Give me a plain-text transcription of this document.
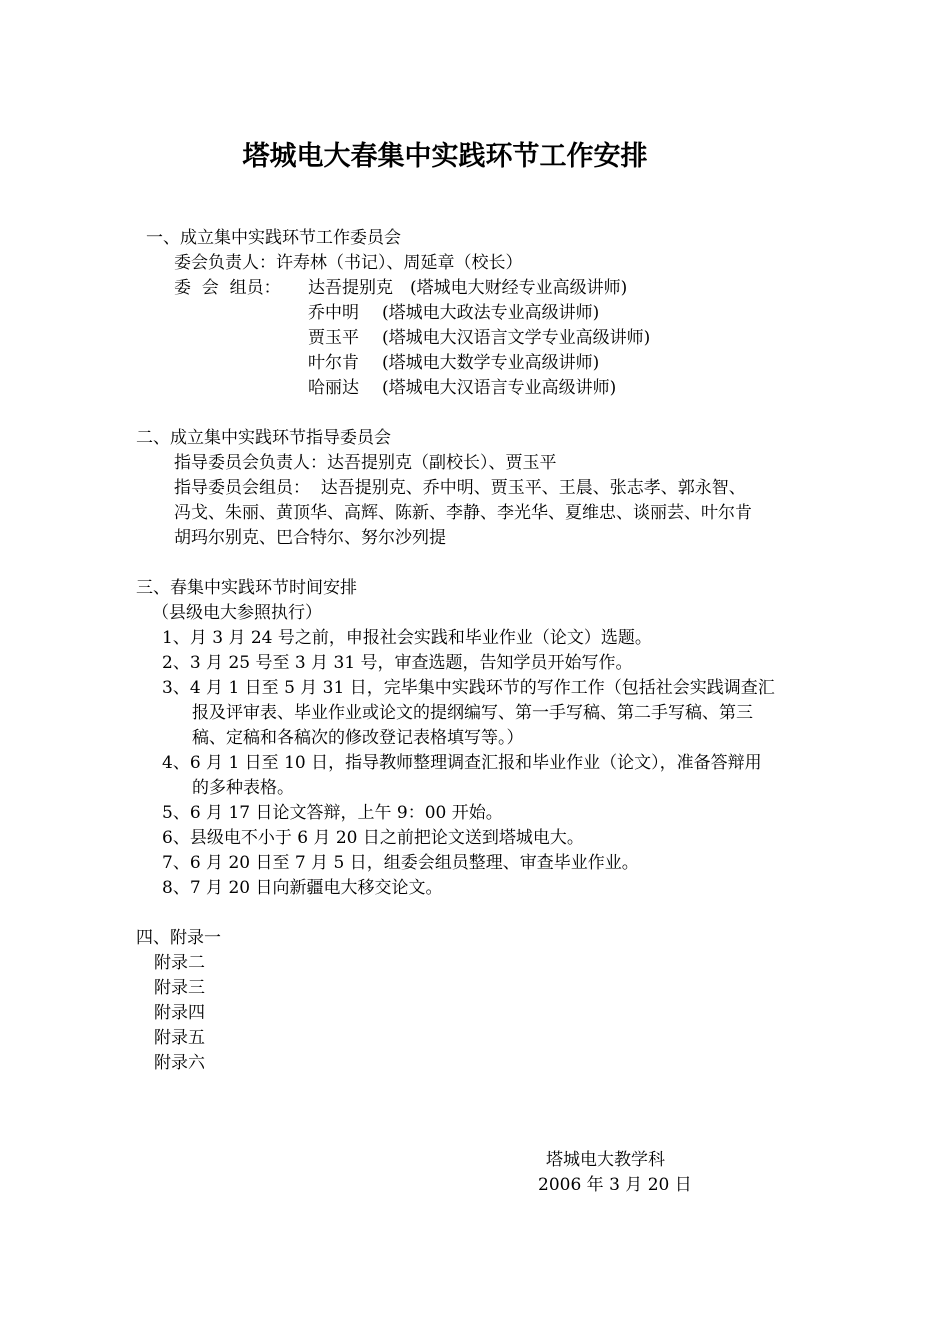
塔城电大春集中实践环节工作安排
一、成立集中实践环节工作委员会
委会负责人：许寿林（书记）、周延章（校长）
委  会  组员： 达吾提别克 (塔城电大财经专业高级讲师)
乔中明 (塔城电大政法专业高级讲师)
贾玉平 (塔城电大汉语言文学专业高级讲师)
叶尔肯 (塔城电大数学专业高级讲师)
哈丽达 (塔城电大汉语言专业高级讲师)
二、成立集中实践环节指导委员会
指导委员会负责人：达吾提别克（副校长）、贾玉平
指导委员会组员：  达吾提别克、乔中明、贾玉平、王晨、张志孝、郭永智、
冯戈、朱丽、黄顶华、高辉、陈新、李静、李光华、夏维忠、谈丽芸、叶尔肯
胡玛尔别克、巴合特尔、努尔沙列提
三、春集中实践环节时间安排
（县级电大参照执行）
1、月 3 月 24 号之前，申报社会实践和毕业作业（论文）选题。
2、3 月 25 号至 3 月 31 号，审查选题，告知学员开始写作。
3、4 月 1 日至 5 月 31 日，完毕集中实践环节的写作工作（包括社会实践调查汇
报及评审表、毕业作业或论文的提纲编写、第一手写稿、第二手写稿、第三
稿、定稿和各稿次的修改登记表格填写等。）
4、6 月 1 日至 10 日，指导教师整理调查汇报和毕业作业（论文），准备答辩用
的多种表格。
5、6 月 17 日论文答辩，上午 9：00 开始。
6、县级电不小于 6 月 20 日之前把论文送到塔城电大。
7、6 月 20 日至 7 月 5 日，组委会组员整理、审查毕业作业。
8、7 月 20 日向新疆电大移交论文。
四、附录一
附录二
附录三
附录四
附录五
附录六
塔城电大教学科
2006 年 3 月 20 日
